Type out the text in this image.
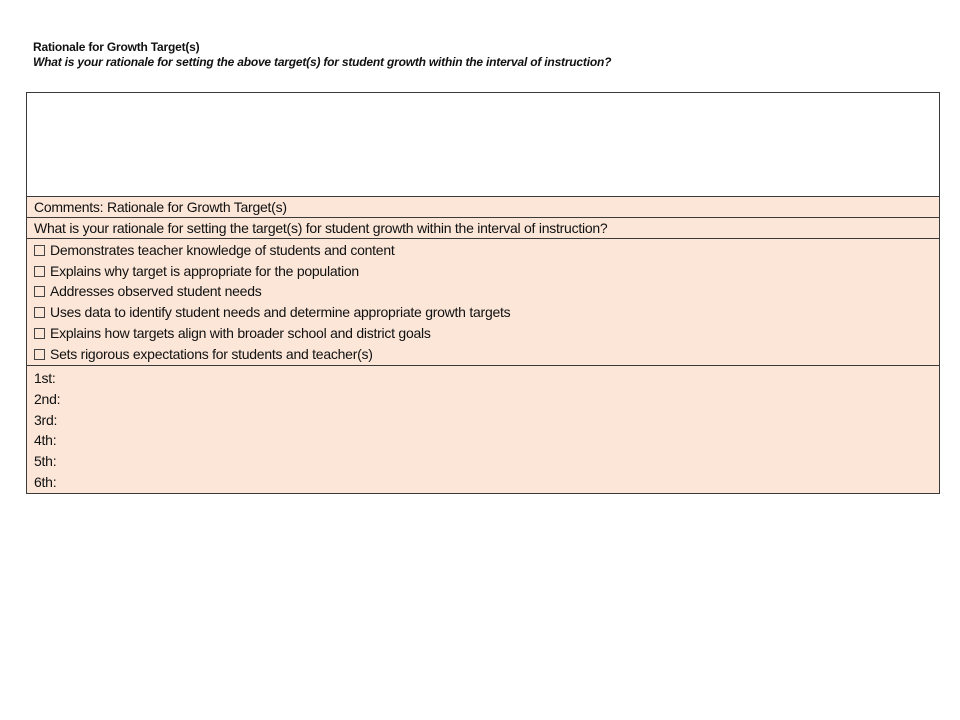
Rationale for Growth Target(s)
What is your rationale for setting the above target(s) for student growth within the interval of instruction?

Comments: Rationale for Growth Target(s)
What is your rationale for setting the target(s) for student growth within the interval of instruction?

Demonstrates teacher knowledge of students and content
Explains why target is appropriate for the population
Addresses observed student needs
Uses data to identify student needs and determine appropriate growth targets
Explains how targets align with broader school and district goals
Sets rigorous expectations for students and teacher(s)

1st:
2nd:
3rd:
4th:
5th:
6th:
